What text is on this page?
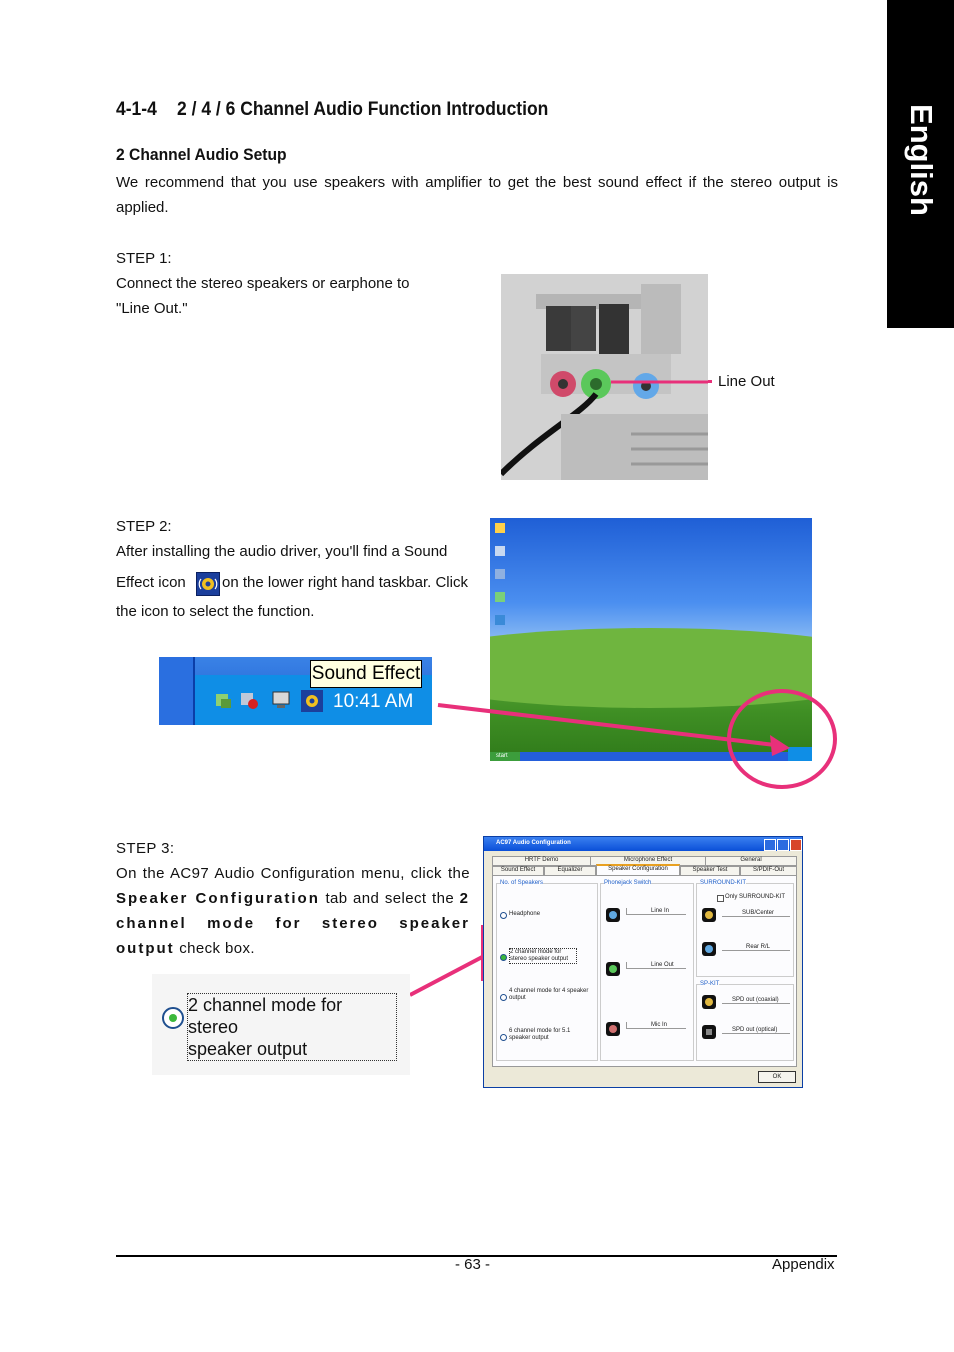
English
4-1-4 2 / 4 / 6 Channel Audio Function Introduction
2 Channel Audio Setup
We recommend that you use speakers with amplifier to get the best sound effect if the stereo output is applied.
STEP 1:
Connect the stereo speakers or earphone to
"Line Out."
Line Out
STEP 2:
After installing the audio driver, you'll find a Sound
Effect icon on the lower right hand taskbar. Click
the icon to select the function.
start
Sound Effect
10:41 AM
STEP 3:
On the AC97 Audio Configuration menu, click the Speaker Configuration tab and select the 2 channel mode for stereo speaker output check box.
2 channel mode for stereo
speaker output
AC97 Audio Configuration
HRTF Demo	Microphone Effect	General
Sound Effect	Equalizer	Speaker Configuration	Speaker Test	S/PDIF-Out
No. of Speakers
Headphone
2 channel mode for stereo speaker output
4 channel mode for 4 speaker output
6 channel mode for 5.1 speaker output
Phonejack Switch
Line In
Line Out
Mic In
SURROUND-KIT
Only SURROUND-KIT
SUB/Center
Rear R/L
SP-KIT
SPD out (coaxial)
SPD out (optical)
OK
- 63 -	Appendix
